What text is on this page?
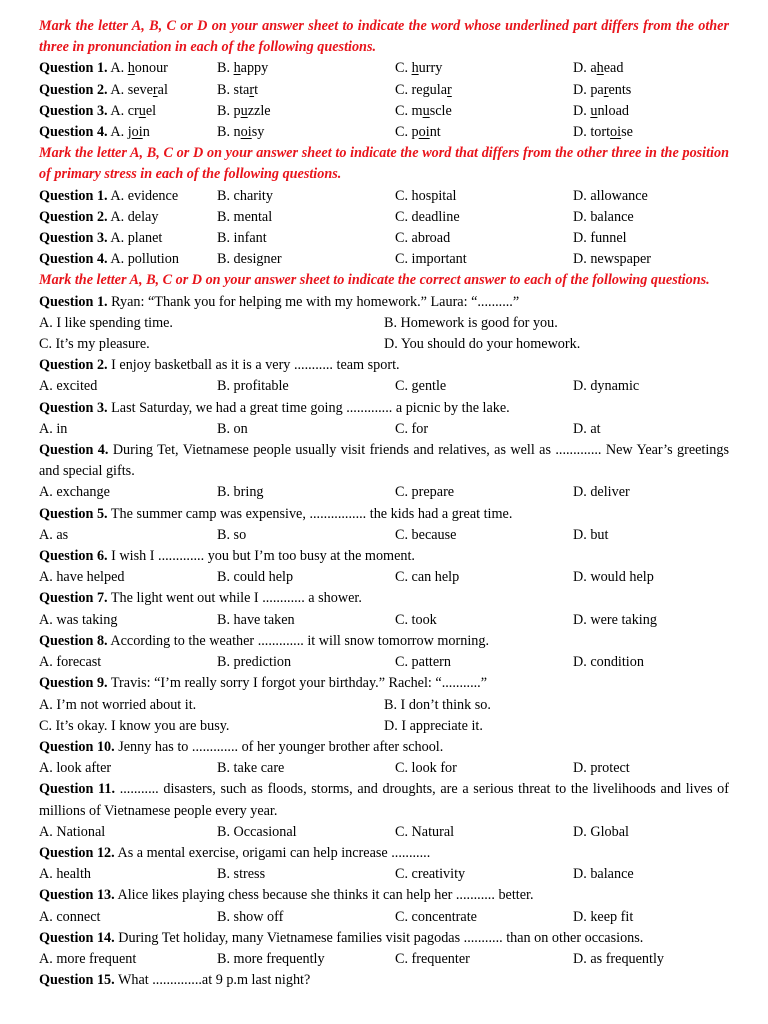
Mark the letter A, B, C or D on your answer sheet to indicate the word whose underlined part differs from the other three in pronunciation in each of the following questions.
Question 1. A. honour	B. happy	C. hurry	D. ahead
Question 2. A. several	B. start	C. regular	D. parents
Question 3. A. cruel	B. puzzle	C. muscle	D. unload
Question 4. A. join	B. noisy	C. point	D. tortoise
Mark the letter A, B, C or D on your answer sheet to indicate the word that differs from the other three in the position of primary stress in each of the following questions.
Question 1. A. evidence	B. charity	C. hospital	D. allowance
Question 2. A. delay	B. mental	C. deadline	D. balance
Question 3. A. planet	B. infant	C. abroad	D. funnel
Question 4. A. pollution	B. designer	C. important	D. newspaper
Mark the letter A, B, C or D on your answer sheet to indicate the correct answer to each of the following questions.
Question 1. Ryan: “Thank you for helping me with my homework.” Laura: “..........”
A. I like spending time.	B. Homework is good for you.
C. It’s my pleasure.	D. You should do your homework.
Question 2. I enjoy basketball as it is a very ........... team sport.
A. excited	B. profitable	C. gentle	D. dynamic
Question 3. Last Saturday, we had a great time going ............. a picnic by the lake.
A. in	B. on	C. for	D. at
Question 4. During Tet, Vietnamese people usually visit friends and relatives, as well as ............. New Year’s greetings and special gifts.
A. exchange	B. bring	C. prepare	D. deliver
Question 5. The summer camp was expensive, ................ the kids had a great time.
A. as	B. so	C. because	D. but
Question 6. I wish I ............. you but I’m too busy at the moment.
A. have helped	B. could help	C. can help	D. would help
Question 7. The light went out while I ............ a shower.
A. was taking	B. have taken	C. took	D. were taking
Question 8. According to the weather ............. it will snow tomorrow morning.
A. forecast	B. prediction	C. pattern	D. condition
Question 9. Travis: “I’m really sorry I forgot your birthday.” Rachel: “...........”
A. I’m not worried about it.	B. I don’t think so.
C. It’s okay. I know you are busy.	D. I appreciate it.
Question 10. Jenny has to ............. of her younger brother after school.
A. look after	B. take care	C. look for	D. protect
Question 11. ........... disasters, such as floods, storms, and droughts, are a serious threat to the livelihoods and lives of millions of Vietnamese people every year.
A. National	B. Occasional	C. Natural	D. Global
Question 12. As a mental exercise, origami can help increase ...........
A. health	B. stress	C. creativity	D. balance
Question 13. Alice likes playing chess because she thinks it can help her ........... better.
A. connect	B. show off	C. concentrate	D. keep fit
Question 14. During Tet holiday, many Vietnamese families visit pagodas ........... than on other occasions.
A. more frequent	B. more frequently	C. frequenter	D. as frequently
Question 15. What ..............at 9 p.m last night?
